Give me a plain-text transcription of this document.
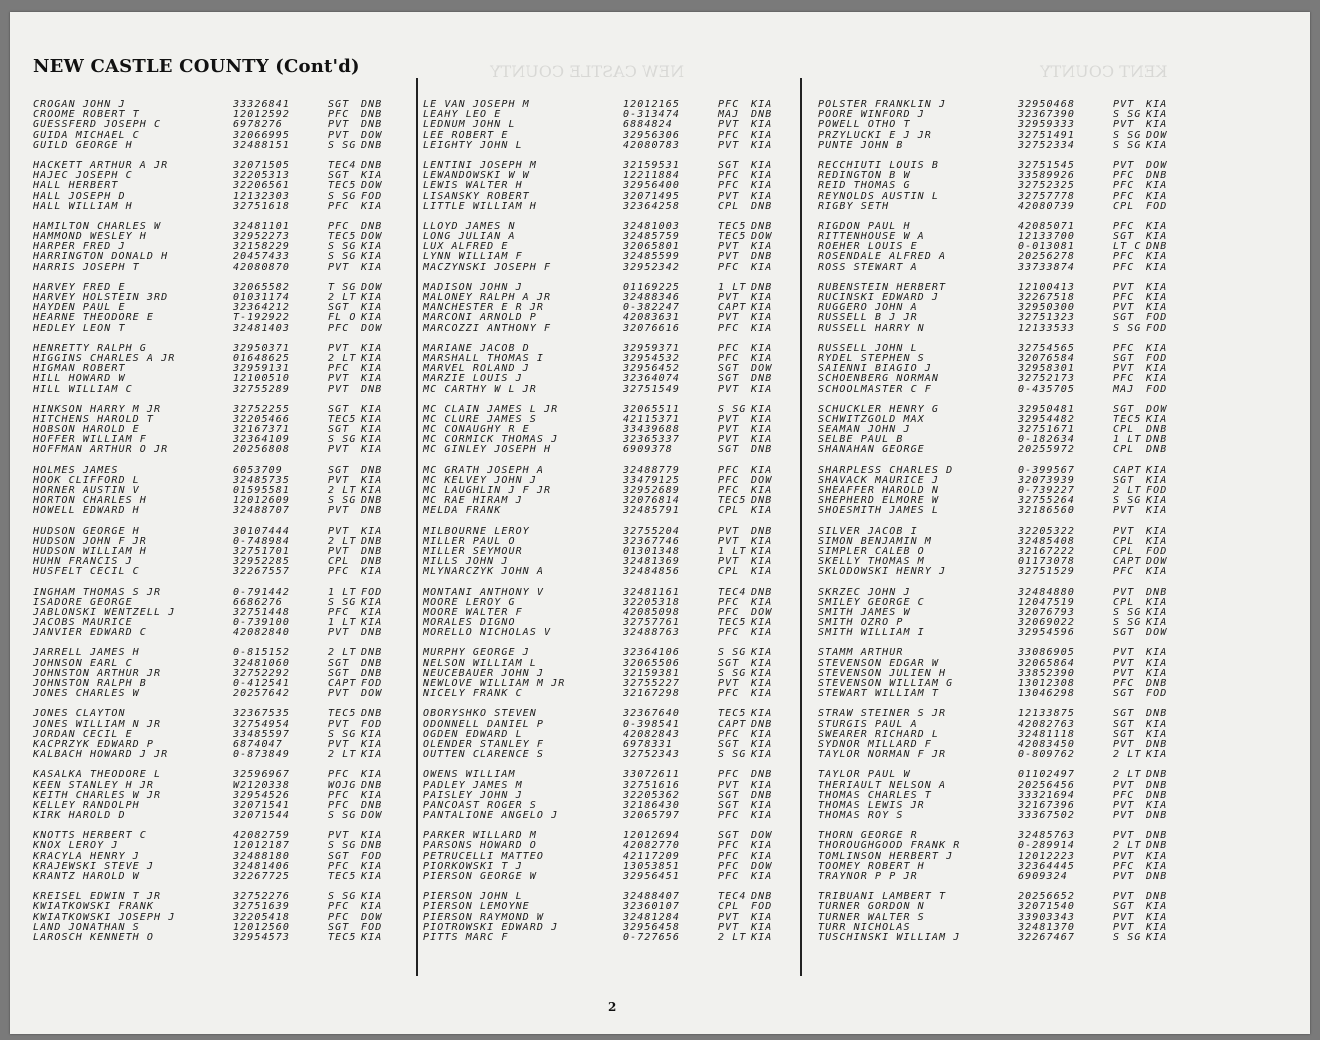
NEW CASTLE COUNTY	KENT COUNTY
NEW CASTLE COUNTY (Cont'd)
CROGAN JOHN J	33326841	SGT DNB
CROOME ROBERT T	12012592	PFC DNB
GUESSFERD JOSEPH C	6978276	PVT DNB
GUIDA MICHAEL C	32066995	PVT DOW
GUILD GEORGE H	32488151	S SG DNB
HACKETT ARTHUR A JR	32071505	TEC4 DNB
HAJEC JOSEPH C	32205313	SGT KIA
HALL HERBERT	32206561	TEC5 DOW
HALL JOSEPH D	12132303	S SG FOD
HALL WILLIAM H	32751618	PFC KIA
HAMILTON CHARLES W	32481101	PFC DNB
HAMMOND WESLEY H	32952273	TEC5 DOW
HARPER FRED J	32158229	S SG KIA
HARRINGTON DONALD H	20457433	S SG KIA
HARRIS JOSEPH T	42080870	PVT KIA
HARVEY FRED E	32065582	T SG DOW
HARVEY HOLSTEIN 3RD	01031174	2 LT KIA
HAYDEN PAUL E	32364212	SGT KIA
HEARNE THEODORE E	T-192922	FL O KIA
HEDLEY LEON T	32481403	PFC DOW
HENRETTY RALPH G	32950371	PVT KIA
HIGGINS CHARLES A JR	01648625	2 LT KIA
HIGMAN ROBERT	32959131	PFC KIA
HILL HOWARD W	12100510	PVT KIA
HILL WILLIAM C	32755289	PVT DNB
HINKSON HARRY M JR	32752255	SGT KIA
HITCHENS HAROLD T	32205466	TEC5 KIA
HOBSON HAROLD E	32167371	SGT KIA
HOFFER WILLIAM F	32364109	S SG KIA
HOFFMAN ARTHUR O JR	20256808	PVT KIA
HOLMES JAMES	6053709	SGT DNB
HOOK CLIFFORD L	32485735	PVT KIA
HORNER AUSTIN V	01595581	2 LT KIA
HORTON CHARLES H	12012609	S SG DNB
HOWELL EDWARD H	32488707	PVT DNB
HUDSON GEORGE H	30107444	PVT KIA
HUDSON JOHN F JR	0-748984	2 LT DNB
HUDSON WILLIAM H	32751701	PVT DNB
HUHN FRANCIS J	32952285	CPL DNB
HUSFELT CECIL C	32267557	PFC KIA
INGHAM THOMAS S JR	0-791442	1 LT FOD
ISADORE GEORGE	6686276	S SG KIA
JABLONSKI WENTZELL J	32751448	PFC KIA
JACOBS MAURICE	0-739100	1 LT KIA
JANVIER EDWARD C	42082840	PVT DNB
JARRELL JAMES H	0-815152	2 LT DNB
JOHNSON EARL C	32481060	SGT DNB
JOHNSTON ARTHUR JR	32752292	SGT DNB
JOHNSTON RALPH B	0-412541	CAPT FOD
JONES CHARLES W	20257642	PVT DOW
JONES CLAYTON	32367535	TEC5 DNB
JONES WILLIAM N JR	32754954	PVT FOD
JORDAN CECIL E	33485597	S SG KIA
KACPRZYK EDWARD P	6874047	PVT KIA
KALBACH HOWARD J JR	0-873849	2 LT KIA
KASALKA THEODORE L	32596967	PFC KIA
KEEN STANLEY H JR	W2120338	WOJG DNB
KEITH CHARLES W JR	32954526	PFC KIA
KELLEY RANDOLPH	32071541	PFC DNB
KIRK HAROLD D	32071544	S SG DOW
KNOTTS HERBERT C	42082759	PVT KIA
KNOX LEROY J	12012187	S SG DNB
KRACYLA HENRY J	32488180	SGT FOD
KRAJEWSKI STEVE J	32481406	PFC KIA
KRANTZ HAROLD W	32267725	TEC5 KIA
KREISEL EDWIN T JR	32752276	S SG KIA
KWIATKOWSKI FRANK	32751639	PFC KIA
KWIATKOWSKI JOSEPH J	32205418	PFC DOW
LAND JONATHAN S	12012560	SGT FOD
LAROSCH KENNETH O	32954573	TEC5 KIA
LE VAN JOSEPH M	12012165	PFC KIA
LEAHY LEO E	0-313474	MAJ DNB
LEDNUM JOHN L	6884824	PVT KIA
LEE ROBERT E	32956306	PFC KIA
LEIGHTY JOHN L	42080783	PVT KIA
LENTINI JOSEPH M	32159531	SGT KIA
LEWANDOWSKI W W	12211884	PFC KIA
LEWIS WALTER H	32956400	PFC KIA
LISANSKY ROBERT	32071495	PVT KIA
LITTLE WILLIAM H	32364258	CPL DNB
LLOYD JAMES N	32481003	TEC5 DNB
LONG JULIAN A	32485759	TEC5 DOW
LUX ALFRED E	32065801	PVT KIA
LYNN WILLIAM F	32485599	PVT DNB
MACZYNSKI JOSEPH F	32952342	PFC KIA
MADISON JOHN J	01169225	1 LT DNB
MALONEY RALPH A JR	32488346	PVT KIA
MANCHESTER E R JR	0-382247	CAPT KIA
MARCONI ARNOLD P	42083631	PVT KIA
MARCOZZI ANTHONY F	32076616	PFC KIA
MARIANE JACOB D	32959371	PFC KIA
MARSHALL THOMAS I	32954532	PFC KIA
MARVEL ROLAND J	32956452	SGT DOW
MARZIE LOUIS J	32364074	SGT DNB
MC CARTHY W L JR	32751549	PVT KIA
MC CLAIN JAMES L JR	32065511	S SG KIA
MC CLURE JAMES S	42115371	PVT KIA
MC CONAUGHY R E	33439688	PVT KIA
MC CORMICK THOMAS J	32365337	PVT KIA
MC GINLEY JOSEPH H	6909378	SGT DNB
MC GRATH JOSEPH A	32488779	PFC KIA
MC KELVEY JOHN J	33479125	PFC DOW
MC LAUGHLIN J F JR	32952689	PFC KIA
MC RAE HIRAM J	32076814	TEC5 DNB
MELDA FRANK	32485791	CPL KIA
MILBOURNE LEROY	32755204	PVT DNB
MILLER PAUL O	32367746	PVT KIA
MILLER SEYMOUR	01301348	1 LT KIA
MILLS JOHN J	32481369	PVT KIA
MLYNARCZYK JOHN A	32484856	CPL KIA
MONTANI ANTHONY V	32481161	TEC4 DNB
MOORE LEROY G	32205318	PFC KIA
MOORE WALTER F	42085098	PFC DOW
MORALES DIGNO	32757761	TEC5 KIA
MORELLO NICHOLAS V	32488763	PFC KIA
MURPHY GEORGE J	32364106	S SG KIA
NELSON WILLIAM L	32065506	SGT KIA
NEUCEBAUER JOHN J	32159381	S SG KIA
NEWLOVE WILLIAM M JR	32755227	PVT KIA
NICELY FRANK C	32167298	PFC KIA
OBORYSHKO STEVEN	32367640	TEC5 KIA
ODONNELL DANIEL P	0-398541	CAPT DNB
OGDEN EDWARD L	42082843	PFC KIA
OLENDER STANLEY F	6978331	SGT KIA
OUTTEN CLARENCE S	32752343	S SG KIA
OWENS WILLIAM	33072611	PFC DNB
PADLEY JAMES M	32751616	PVT KIA
PAISLEY JOHN J	32205362	SGT DNB
PANCOAST ROGER S	32186430	SGT KIA
PANTALIONE ANGELO J	32065797	PFC KIA
PARKER WILLARD M	12012694	SGT DOW
PARSONS HOWARD O	42082770	PFC KIA
PETRUCELLI MATTEO	42117209	PFC KIA
PIORKOWSKI T J	13053851	PFC DOW
PIERSON GEORGE W	32956451	PFC KIA
PIERSON JOHN L	32488407	TEC4 DNB
PIERSON LEMOYNE	32360107	CPL FOD
PIERSON RAYMOND W	32481284	PVT KIA
PIOTROWSKI EDWARD J	32956458	PVT KIA
PITTS MARC F	0-727656	2 LT KIA
POLSTER FRANKLIN J	32950468	PVT KIA
POORE WINFORD J	32367390	S SG KIA
POWELL OTHO T	32959333	PVT KIA
PRZYLUCKI E J JR	32751491	S SG DOW
PUNTE JOHN B	32752334	S SG KIA
RECCHIUTI LOUIS B	32751545	PVT DOW
REDINGTON B W	33589926	PFC DNB
REID THOMAS G	32752325	PFC KIA
REYNOLDS AUSTIN L	32757778	PFC KIA
RIGBY SETH	42080739	CPL FOD
RIGDON PAUL H	42085071	PFC KIA
RITTENHOUSE W A	12133700	SGT KIA
ROEHER LOUIS E	0-013081	LT C DNB
ROSENDALE ALFRED A	20256278	PFC KIA
ROSS STEWART A	33733874	PFC KIA
RUBENSTEIN HERBERT	12100413	PVT KIA
RUCINSKI EDWARD J	32267518	PFC KIA
RUGGERO JOHN A	32950300	PVT KIA
RUSSELL B J JR	32751323	SGT FOD
RUSSELL HARRY N	12133533	S SG FOD
RUSSELL JOHN L	32754565	PFC KIA
RYDEL STEPHEN S	32076584	SGT FOD
SAIENNI BIAGIO J	32958301	PVT KIA
SCHOENBERG NORMAN	32752173	PFC KIA
SCHOOLMASTER C F	0-435705	MAJ FOD
SCHUCKLER HENRY G	32950481	SGT DOW
SCHWITZGOLD MAX	32954482	TEC5 KIA
SEAMAN JOHN J	32751671	CPL DNB
SELBE PAUL B	0-182634	1 LT DNB
SHANAHAN GEORGE	20255972	CPL DNB
SHARPLESS CHARLES D	0-399567	CAPT KIA
SHAVACK MAURICE J	32073939	SGT KIA
SHEAFFER HAROLD N	0-739227	2 LT FOD
SHEPHERD ELMORE W	32755264	S SG KIA
SHOESMITH JAMES L	32186560	PVT KIA
SILVER JACOB I	32205322	PVT KIA
SIMON BENJAMIN M	32485408	CPL KIA
SIMPLER CALEB O	32167222	CPL FOD
SKELLY THOMAS M	01173078	CAPT DOW
SKLODOWSKI HENRY J	32751529	PFC KIA
SKRZEC JOHN J	32484880	PVT DNB
SMILEY GEORGE C	12047519	CPL KIA
SMITH JAMES W	32076793	S SG KIA
SMITH OZRO P	32069022	S SG KIA
SMITH WILLIAM I	32954596	SGT DOW
STAMM ARTHUR	33086905	PVT KIA
STEVENSON EDGAR W	32065864	PVT KIA
STEVENSON JULIEN H	33852390	PVT KIA
STEVENSON WILLIAM G	13012308	PFC DNB
STEWART WILLIAM T	13046298	SGT FOD
STRAW STEINER S JR	12133875	SGT DNB
STURGIS PAUL A	42082763	SGT KIA
SWEARER RICHARD L	32481118	SGT KIA
SYDNOR MILLARD F	42083450	PVT DNB
TAYLOR NORMAN F JR	0-809762	2 LT KIA
TAYLOR PAUL W	01102497	2 LT DNB
THERIAULT NELSON A	20256456	PVT DNB
THOMAS CHARLES T	33321694	PFC DNB
THOMAS LEWIS JR	32167396	PVT KIA
THOMAS ROY S	33367502	PVT DNB
THORN GEORGE R	32485763	PVT DNB
THOROUGHGOOD FRANK R	0-289914	2 LT DNB
TOMLINSON HERBERT J	12012223	PVT KIA
TOOMEY ROBERT H	32364445	PFC KIA
TRAYNOR P P JR	6909324	PVT DNB
TRIBUANI LAMBERT T	20256652	PVT DNB
TURNER GORDON N	32071540	SGT KIA
TURNER WALTER S	33903343	PVT KIA
TURR NICHOLAS	32481370	PVT KIA
TUSCHINSKI WILLIAM J	32267467	S SG KIA
2
